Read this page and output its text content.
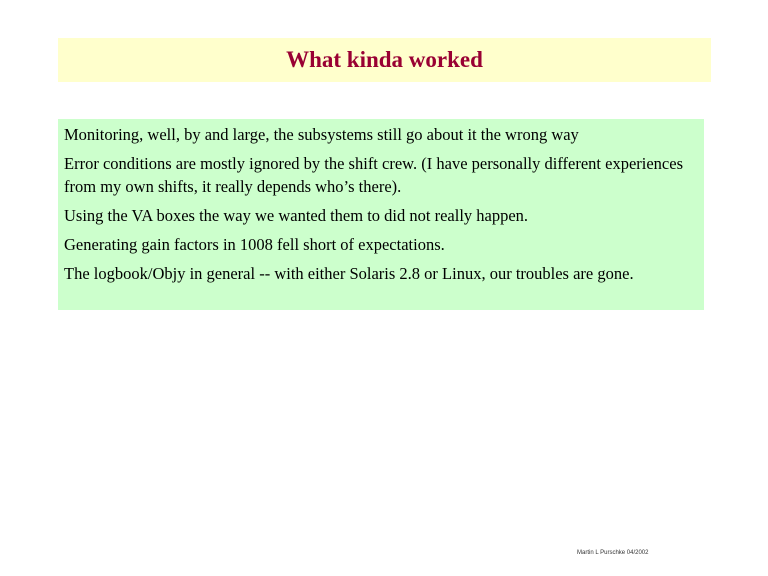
What kinda worked
Monitoring, well, by and large, the subsystems still go about it the wrong way
Error conditions are mostly ignored by the shift crew. (I have personally different experiences from my own shifts, it really depends who’s there).
Using the VA boxes the way we wanted them to did not really happen.
Generating gain factors in 1008 fell short of expectations.
The logbook/Objy in general -- with either Solaris 2.8 or Linux, our troubles are gone.
Martin L Purschke 04/2002
